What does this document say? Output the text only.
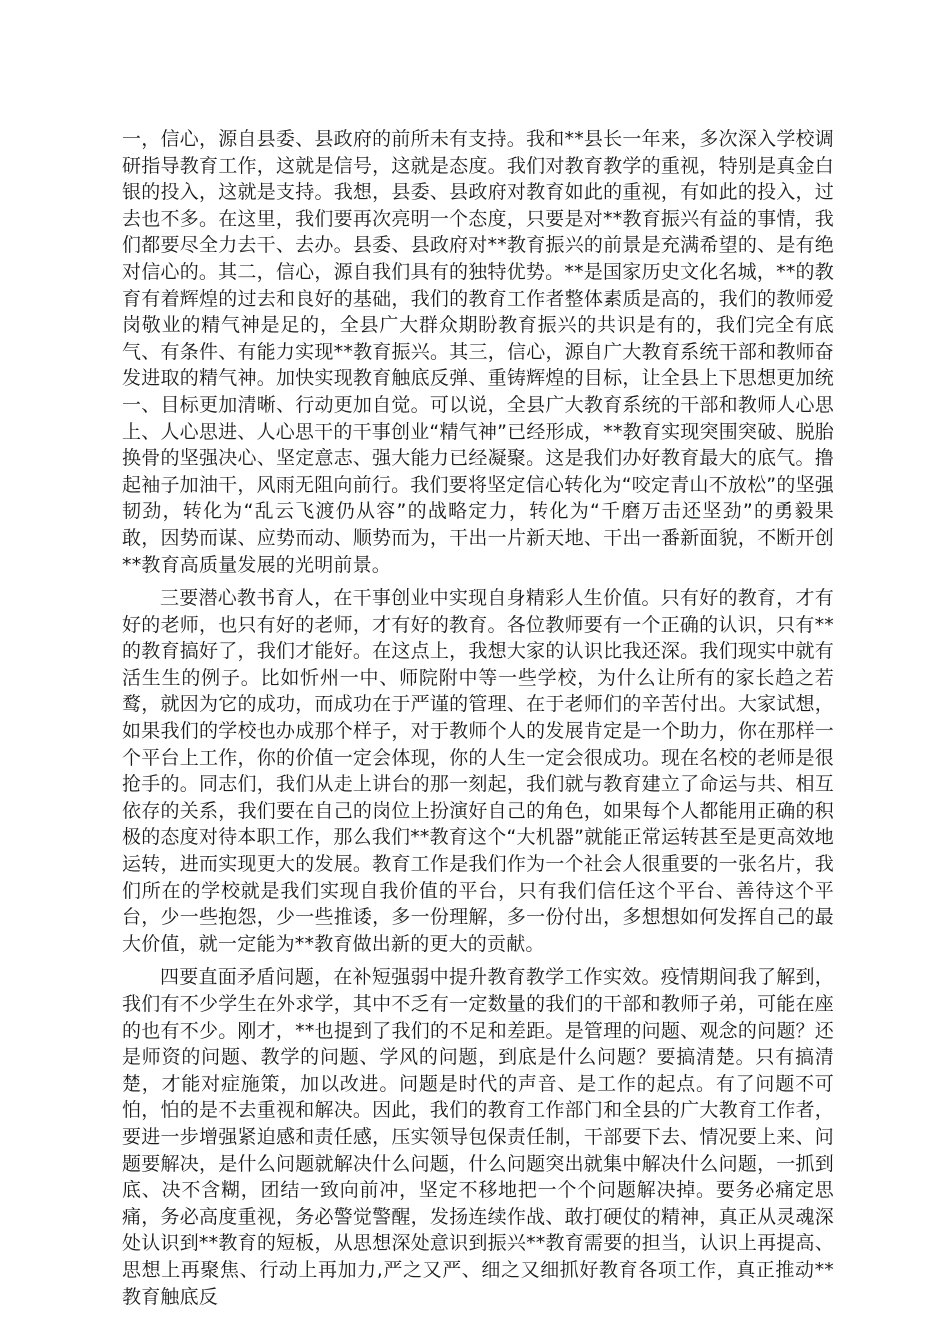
一，信心，源自县委、县政府的前所未有支持。我和**县长一年来，多次深入学校调研指导教育工作，这就是信号，这就是态度。我们对教育教学的重视，特别是真金白银的投入，这就是支持。我想，县委、县政府对教育如此的重视，有如此的投入，过去也不多。在这里，我们要再次亮明一个态度，只要是对**教育振兴有益的事情，我们都要尽全力去干、去办。县委、县政府对**教育振兴的前景是充满希望的、是有绝对信心的。其二，信心，源自我们具有的独特优势。**是国家历史文化名城，**的教育有着辉煌的过去和良好的基础，我们的教育工作者整体素质是高的，我们的教师爱岗敬业的精气神是足的，全县广大群众期盼教育振兴的共识是有的，我们完全有底气、有条件、有能力实现**教育振兴。其三，信心，源自广大教育系统干部和教师奋发进取的精气神。加快实现教育触底反弹、重铸辉煌的目标，让全县上下思想更加统一、目标更加清晰、行动更加自觉。可以说，全县广大教育系统的干部和教师人心思上、人心思进、人心思干的干事创业“精气神”已经形成，**教育实现突围突破、脱胎换骨的坚强决心、坚定意志、强大能力已经凝聚。这是我们办好教育最大的底气。撸起袖子加油干，风雨无阻向前行。我们要将坚定信心转化为“咬定青山不放松”的坚强韧劲，转化为“乱云飞渡仍从容”的战略定力，转化为“千磨万击还坚劲”的勇毅果敢，因势而谋、应势而动、顺势而为，干出一片新天地、干出一番新面貌，不断开创**教育高质量发展的光明前景。

三要潜心教书育人，在干事创业中实现自身精彩人生价值。只有好的教育，才有好的老师，也只有好的老师，才有好的教育。各位教师要有一个正确的认识，只有**的教育搞好了，我们才能好。在这点上，我想大家的认识比我还深。我们现实中就有活生生的例子。比如忻州一中、师院附中等一些学校，为什么让所有的家长趋之若鹜，就因为它的成功，而成功在于严谨的管理、在于老师们的辛苦付出。大家试想，如果我们的学校也办成那个样子，对于教师个人的发展肯定是一个助力，你在那样一个平台上工作，你的价值一定会体现，你的人生一定会很成功。现在名校的老师是很抢手的。同志们，我们从走上讲台的那一刻起，我们就与教育建立了命运与共、相互依存的关系，我们要在自己的岗位上扮演好自己的角色，如果每个人都能用正确的积极的态度对待本职工作，那么我们**教育这个“大机器”就能正常运转甚至是更高效地运转，进而实现更大的发展。教育工作是我们作为一个社会人很重要的一张名片，我们所在的学校就是我们实现自我价值的平台，只有我们信任这个平台、善待这个平台，少一些抱怨，少一些推诿，多一份理解，多一份付出，多想想如何发挥自己的最大价值，就一定能为**教育做出新的更大的贡献。

四要直面矛盾问题，在补短强弱中提升教育教学工作实效。疫情期间我了解到，我们有不少学生在外求学，其中不乏有一定数量的我们的干部和教师子弟，可能在座的也有不少。刚才，**也提到了我们的不足和差距。是管理的问题、观念的问题？还是师资的问题、教学的问题、学风的问题，到底是什么问题？要搞清楚。只有搞清楚，才能对症施策，加以改进。问题是时代的声音、是工作的起点。有了问题不可怕，怕的是不去重视和解决。因此，我们的教育工作部门和全县的广大教育工作者，要进一步增强紧迫感和责任感，压实领导包保责任制，干部要下去、情况要上来、问题要解决，是什么问题就解决什么问题，什么问题突出就集中解决什么问题，一抓到底、决不含糊，团结一致向前冲，坚定不移地把一个个问题解决掉。要务必痛定思痛，务必高度重视，务必警觉警醒，发扬连续作战、敢打硬仗的精神，真正从灵魂深处认识到**教育的短板，从思想深处意识到振兴**教育需要的担当，认识上再提高、思想上再聚焦、行动上再加力,严之又严、细之又细抓好教育各项工作，真正推动**教育触底反
